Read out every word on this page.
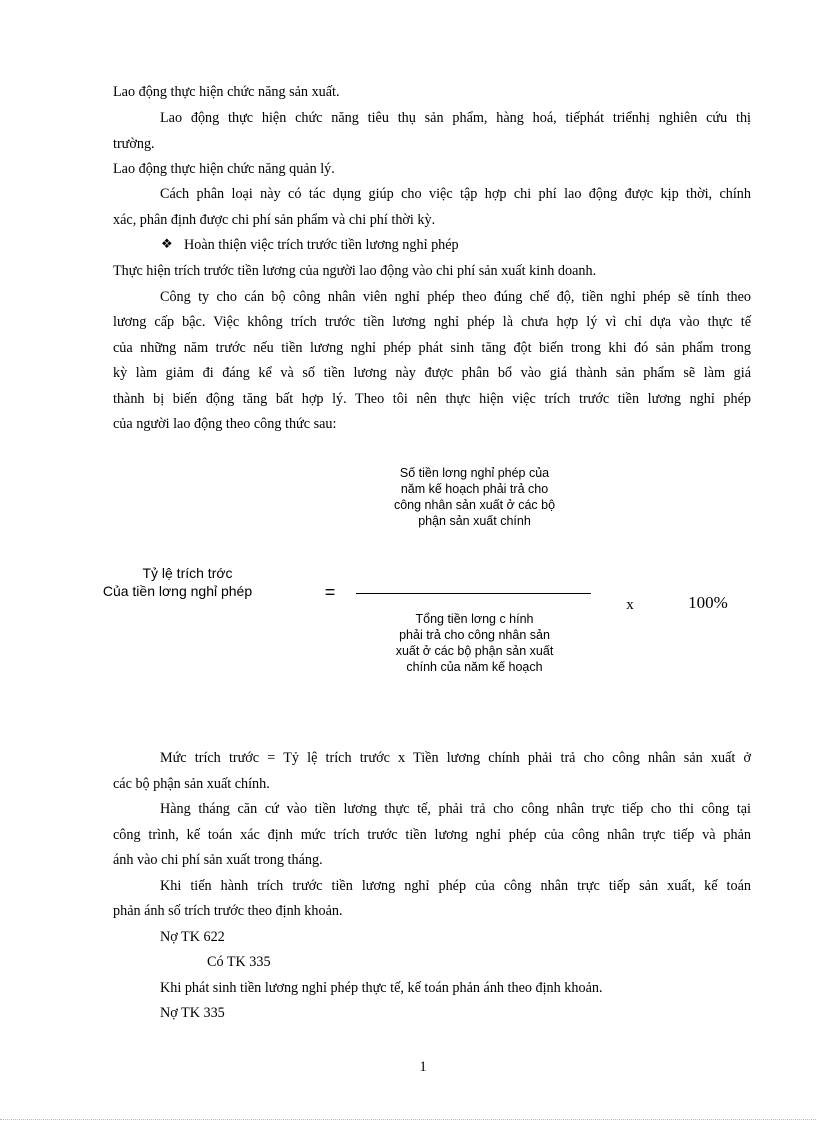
Lao động thực hiện chức năng sản xuất.
Lao động thực hiện chức năng tiêu thụ sản phẩm, hàng hoá, tiếphát triểnhị nghiên cứu thị
trường.
Lao động thực hiện chức năng quản lý.
Cách phân loại này có tác dụng giúp cho việc tập hợp chi phí lao động được kịp thời, chính
xác, phân định được chi phí sản phẩm và chi phí thời kỳ.
❖ Hoàn thiện việc trích trước tiền lương nghỉ phép
Thực hiện trích trước tiền lương của người lao động vào chi phí sản xuất kinh doanh.
Công ty cho cán bộ công nhân viên nghỉ phép theo đúng chế độ, tiền nghỉ phép sẽ tính theo
lương cấp bậc. Việc không trích trước tiền lương nghỉ phép là chưa hợp lý vì chỉ dựa vào thực tế
của những năm trước nếu tiền lương nghỉ phép phát sinh tăng đột biến trong khi đó sản phẩm trong
kỳ làm giảm đi đáng kể và số tiền lương này được phân bổ vào giá thành sản phẩm sẽ làm giá
thành bị biến động tăng bất hợp lý. Theo tôi nên thực hiện việc trích trước tiền lương nghỉ phép
của người lao động theo công thức sau:
Số tiền lơng nghỉ phép của
năm kế hoạch phải trả cho
công nhân sản xuất ở các bộ
phận sản xuất chính
Tỷ lệ trích trớc
Của tiền lơng nghỉ phép	=
x	100%
Tổng tiền lơng c hính
phải trả cho công nhân sản
xuất ở các bộ phận sản xuất
chính của năm kế hoạch
Mức trích trước = Tỷ lệ trích trước x Tiền lương chính phải trả cho công nhân sản xuất ở
các bộ phận sản xuất chính.
Hàng tháng căn cứ vào tiền lương thực tế, phải trả cho công nhân trực tiếp cho thi công tại
công trình, kế toán xác định mức trích trước tiền lương nghỉ phép của công nhân trực tiếp và phản
ánh vào chi phí sản xuất trong tháng.
Khi tiến hành trích trước tiền lương nghỉ phép của công nhân trực tiếp sản xuất, kế toán
phản ánh số trích trước theo định khoản.
Nợ TK 622
Có TK 335
Khi phát sinh tiền lương nghỉ phép thực tế, kế toán phản ánh theo định khoản.
Nợ TK 335
1
